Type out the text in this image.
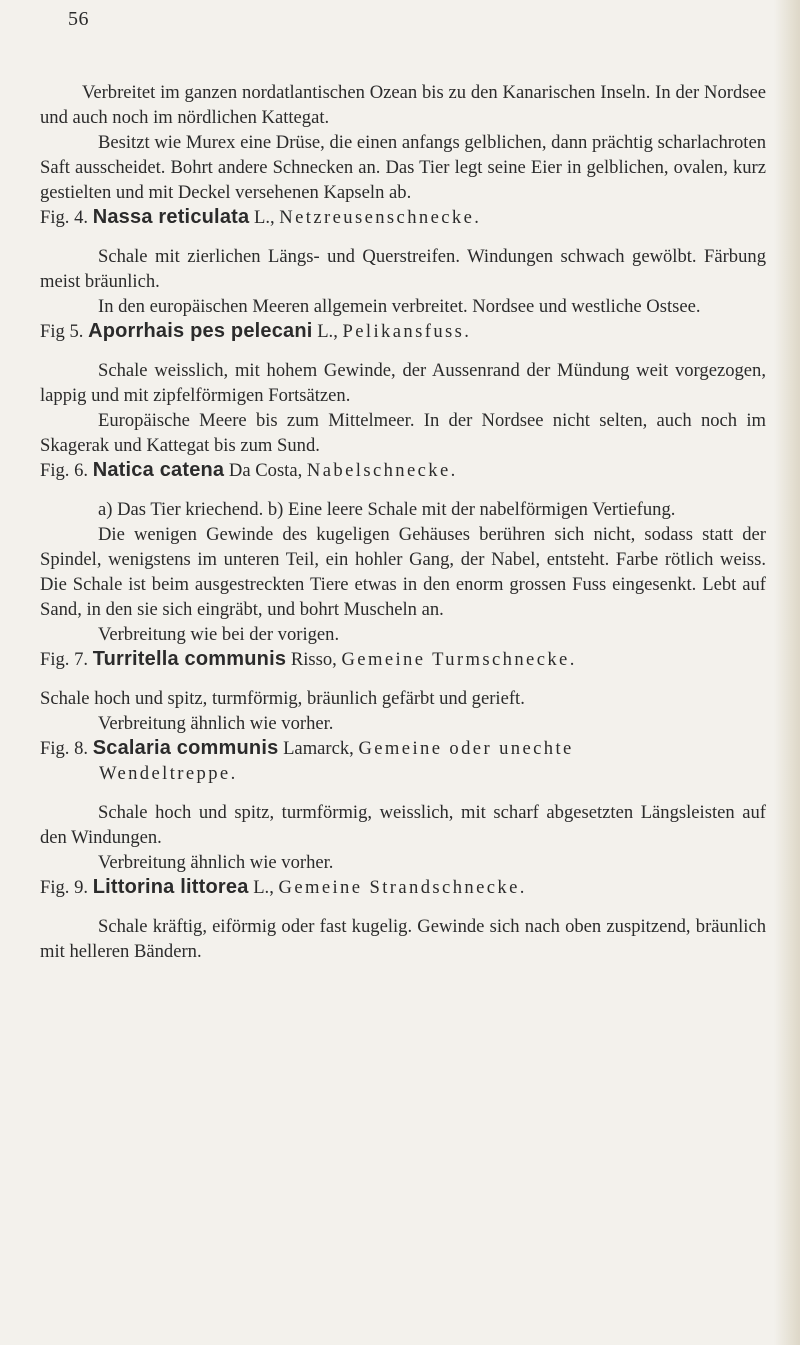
56

Verbreitet im ganzen nordatlantischen Ozean bis zu den Kanarischen Inseln. In der Nordsee und auch noch im nördlichen Kattegat.

Besitzt wie Murex eine Drüse, die einen anfangs gelblichen, dann prächtig scharlachroten Saft ausscheidet. Bohrt andere Schnecken an. Das Tier legt seine Eier in gelblichen, ovalen, kurz gestielten und mit Deckel versehenen Kapseln ab.

Fig. 4. Nassa reticulata L., Netzreusenschnecke.

Schale mit zierlichen Längs- und Querstreifen. Windungen schwach gewölbt. Färbung meist bräunlich.

In den europäischen Meeren allgemein verbreitet. Nordsee und westliche Ostsee.

Fig 5. Aporrhais pes pelecani L., Pelikansfuss.

Schale weisslich, mit hohem Gewinde, der Aussenrand der Mündung weit vorgezogen, lappig und mit zipfelförmigen Fortsätzen.

Europäische Meere bis zum Mittelmeer. In der Nordsee nicht selten, auch noch im Skagerak und Kattegat bis zum Sund.

Fig. 6. Natica catena Da Costa, Nabelschnecke.

a) Das Tier kriechend. b) Eine leere Schale mit der nabelförmigen Vertiefung.

Die wenigen Gewinde des kugeligen Gehäuses berühren sich nicht, sodass statt der Spindel, wenigstens im unteren Teil, ein hohler Gang, der Nabel, entsteht. Farbe rötlich weiss. Die Schale ist beim ausgestreckten Tiere etwas in den enorm grossen Fuss eingesenkt. Lebt auf Sand, in den sie sich eingräbt, und bohrt Muscheln an.

Verbreitung wie bei der vorigen.

Fig. 7. Turritella communis Risso, Gemeine Turmschnecke.

Schale hoch und spitz, turmförmig, bräunlich gefärbt und gerieft.

Verbreitung ähnlich wie vorher.

Fig. 8. Scalaria communis Lamarck, Gemeine oder unechte
Wendeltreppe.

Schale hoch und spitz, turmförmig, weisslich, mit scharf abgesetzten Längsleisten auf den Windungen.

Verbreitung ähnlich wie vorher.

Fig. 9. Littorina littorea L., Gemeine Strandschnecke.

Schale kräftig, eiförmig oder fast kugelig. Gewinde sich nach oben zuspitzend, bräunlich mit helleren Bändern.
